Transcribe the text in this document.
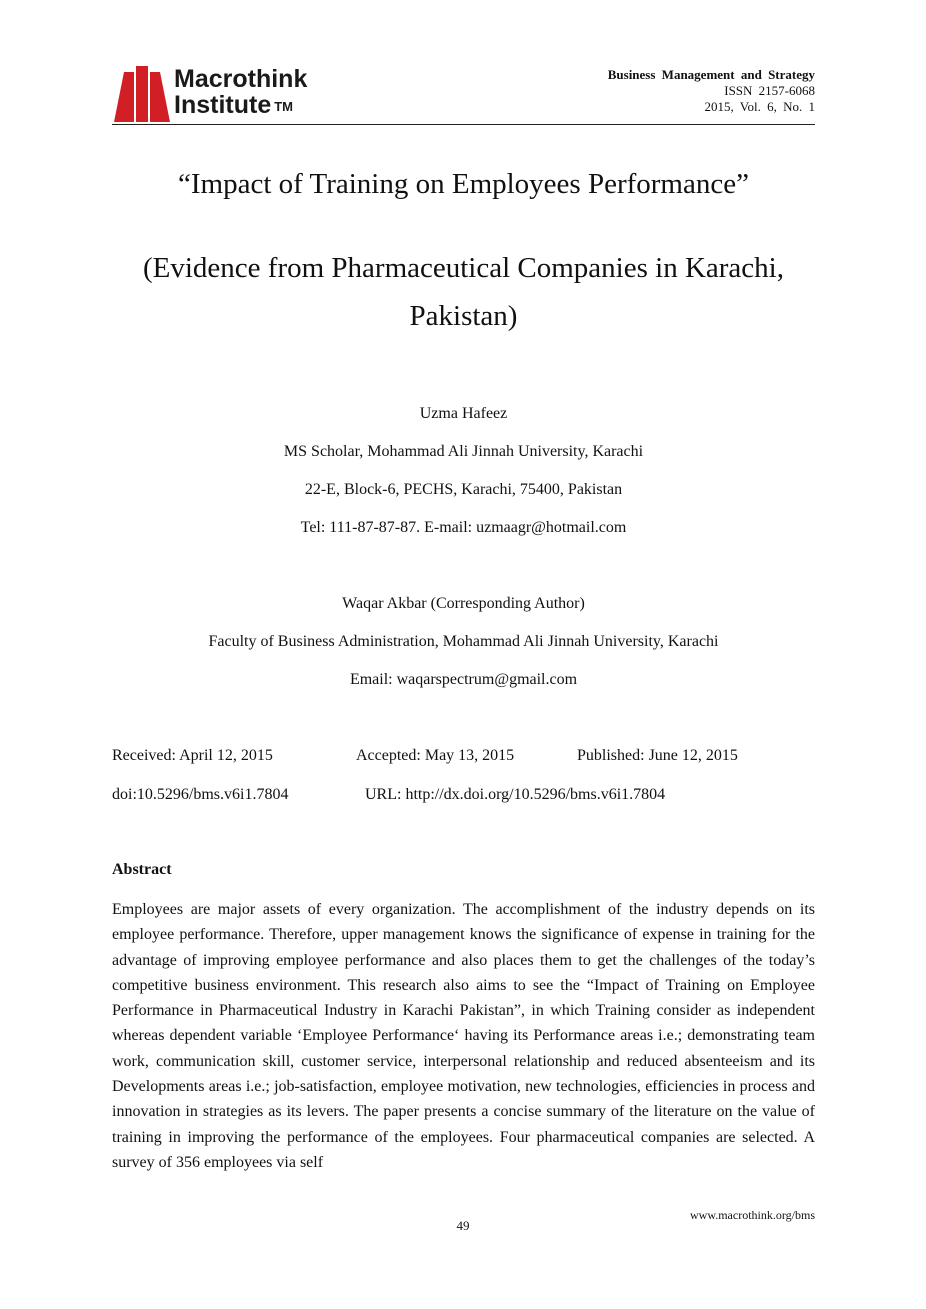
Macrothink
Institute ™
Business Management and Strategy
ISSN 2157-6068
2015, Vol. 6, No. 1
“Impact of Training on Employees Performance”
(Evidence from Pharmaceutical Companies in Karachi, Pakistan)
Uzma Hafeez
MS Scholar, Mohammad Ali Jinnah University, Karachi
22-E, Block-6, PECHS, Karachi, 75400, Pakistan
Tel: 111-87-87-87. E-mail: uzmaagr@hotmail.com
Waqar Akbar (Corresponding Author)
Faculty of Business Administration, Mohammad Ali Jinnah University, Karachi
Email: waqarspectrum@gmail.com
Received: April 12, 2015	Accepted: May 13, 2015	Published: June 12, 2015
doi:10.5296/bms.v6i1.7804	URL: http://dx.doi.org/10.5296/bms.v6i1.7804
Abstract
Employees are major assets of every organization. The accomplishment of the industry depends on its employee performance. Therefore, upper management knows the significance of expense in training for the advantage of improving employee performance and also places them to get the challenges of the today’s competitive business environment. This research also aims to see the “Impact of Training on Employee Performance in Pharmaceutical Industry in Karachi Pakistan”, in which Training consider as independent whereas dependent variable ‘Employee Performance‘ having its Performance areas i.e.; demonstrating team work, communication skill, customer service, interpersonal relationship and reduced absenteeism and its Developments areas i.e.; job-satisfaction, employee motivation, new technologies, efficiencies in process and innovation in strategies as its levers. The paper presents a concise summary of the literature on the value of training in improving the performance of the employees. Four pharmaceutical companies are selected. A survey of 356 employees via self
www.macrothink.org/bms
49
